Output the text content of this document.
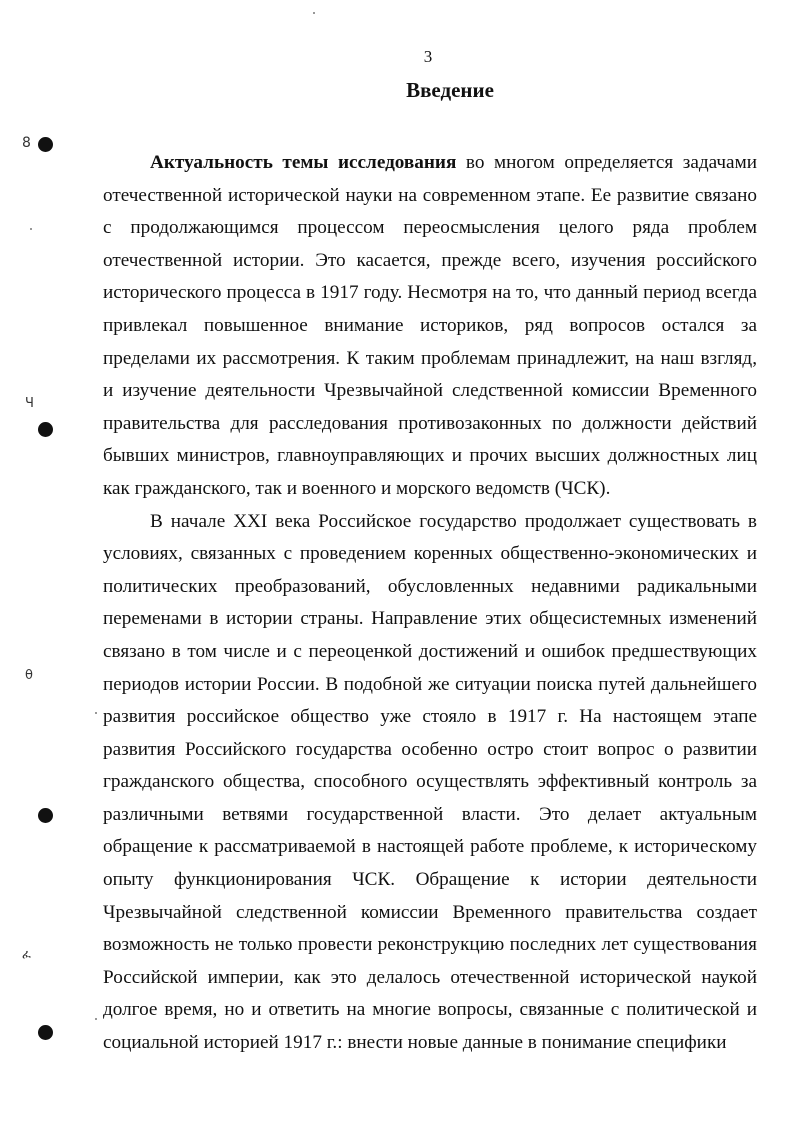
3
Введение

Актуальность темы исследования во многом определяется задачами отечественной исторической науки на современном этапе. Ее развитие связано с продолжающимся процессом переосмысления целого ряда проблем отечественной истории. Это касается, прежде всего, изучения российского исторического процесса в 1917 году. Несмотря на то, что данный период всегда привлекал повышенное внимание историков, ряд вопросов остался за пределами их рассмотрения. К таким проблемам принадлежит, на наш взгляд, и изучение деятельности Чрезвычайной следственной комиссии Временного правительства для расследования противозаконных по должности действий бывших министров, главноуправляющих и прочих высших должностных лиц как гражданского, так и военного и морского ведомств (ЧСК).

В начале XXI века Российское государство продолжает существовать в условиях, связанных с проведением коренных общественно-экономических и политических преобразований, обусловленных недавними радикальными переменами в истории страны. Направление этих общесистемных изменений связано в том числе и с переоценкой достижений и ошибок предшествующих периодов истории России. В подобной же ситуации поиска путей дальнейшего развития российское общество уже стояло в 1917 г. На настоящем этапе развития Российского государства особенно остро стоит вопрос о развитии гражданского общества, способного осуществлять эффективный контроль за различными ветвями государственной власти. Это делает актуальным обращение к рассматриваемой в настоящей работе проблеме, к историческому опыту функционирования ЧСК. Обращение к истории деятельности Чрезвычайной следственной комиссии Временного правительства создает возможность не только провести реконструкцию последних лет существования Российской империи, как это делалось отечественной исторической наукой долгое время, но и ответить на многие вопросы, связанные с политической и социальной историей 1917 г.: внести новые данные в понимание специфики

8
Ч
θ
ፈ
